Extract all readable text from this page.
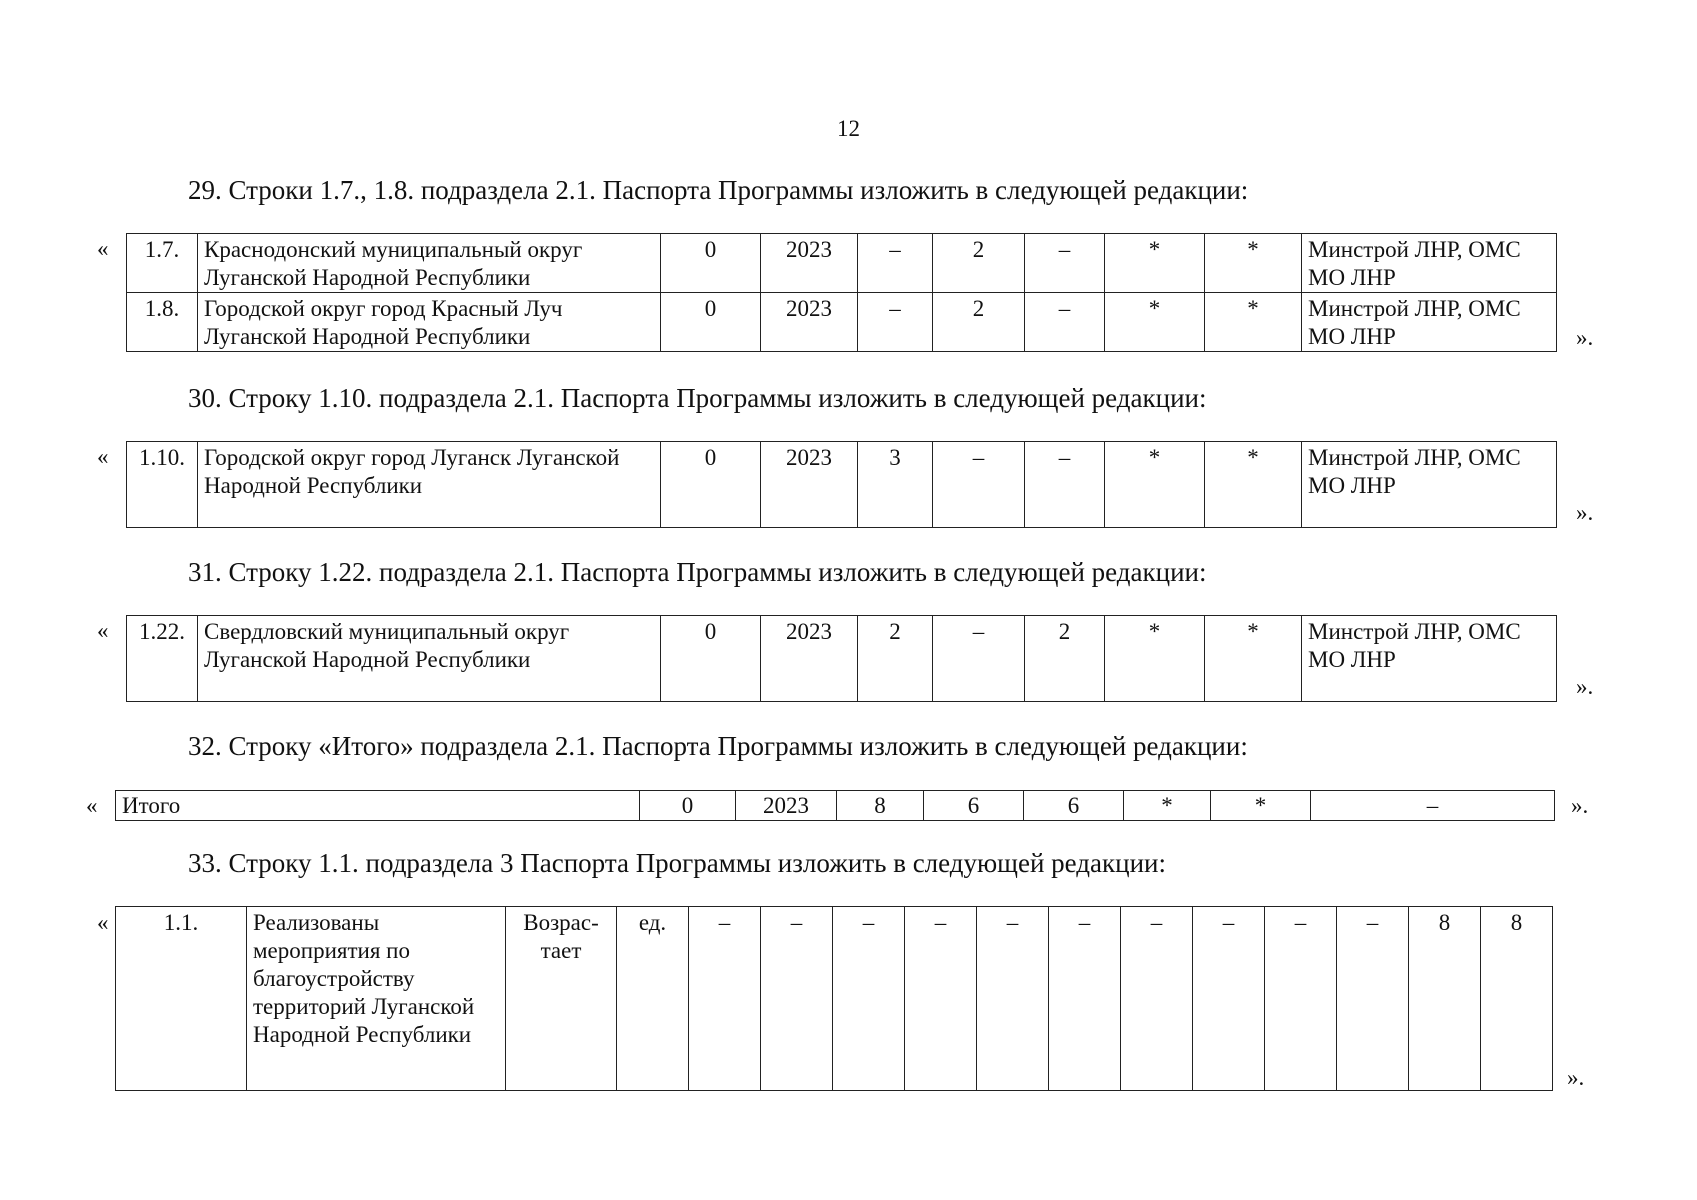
12
29. Строки 1.7., 1.8. подраздела 2.1. Паспорта Программы изложить в следующей редакции:
« 1.7.	Краснодонский муниципальный округ Луганской Народной Республики	0	2023	–	2	–	*	*	Минстрой ЛНР, ОМС МО ЛНР
1.8.	Городской округ город Красный Луч Луганской Народной Республики	0	2023	–	2	–	*	*	Минстрой ЛНР, ОМС МО ЛНР	».
30. Строку 1.10. подраздела 2.1. Паспорта Программы изложить в следующей редакции:
« 1.10.	Городской округ город Луганск Луганской Народной Республики	0	2023	3	–	–	*	*	Минстрой ЛНР, ОМС МО ЛНР
».
31. Строку 1.22. подраздела 2.1. Паспорта Программы изложить в следующей редакции:
« 1.22.	Свердловский муниципальный округ Луганской Народной Республики	0	2023	2	–	2	*	*	Минстрой ЛНР, ОМС МО ЛНР
».
32. Строку «Итого» подраздела 2.1. Паспорта Программы изложить в следующей редакции:
« Итого	0	2023	8	6	6	*	*	–	».
33. Строку 1.1. подраздела 3 Паспорта Программы изложить в следующей редакции:
« 1.1.	Реализованы мероприятия по благоустройству территорий Луганской Народной Республики	Возрас-тает	ед.	–	–	–	–	–	–	–	–	–	–	8	8
».
